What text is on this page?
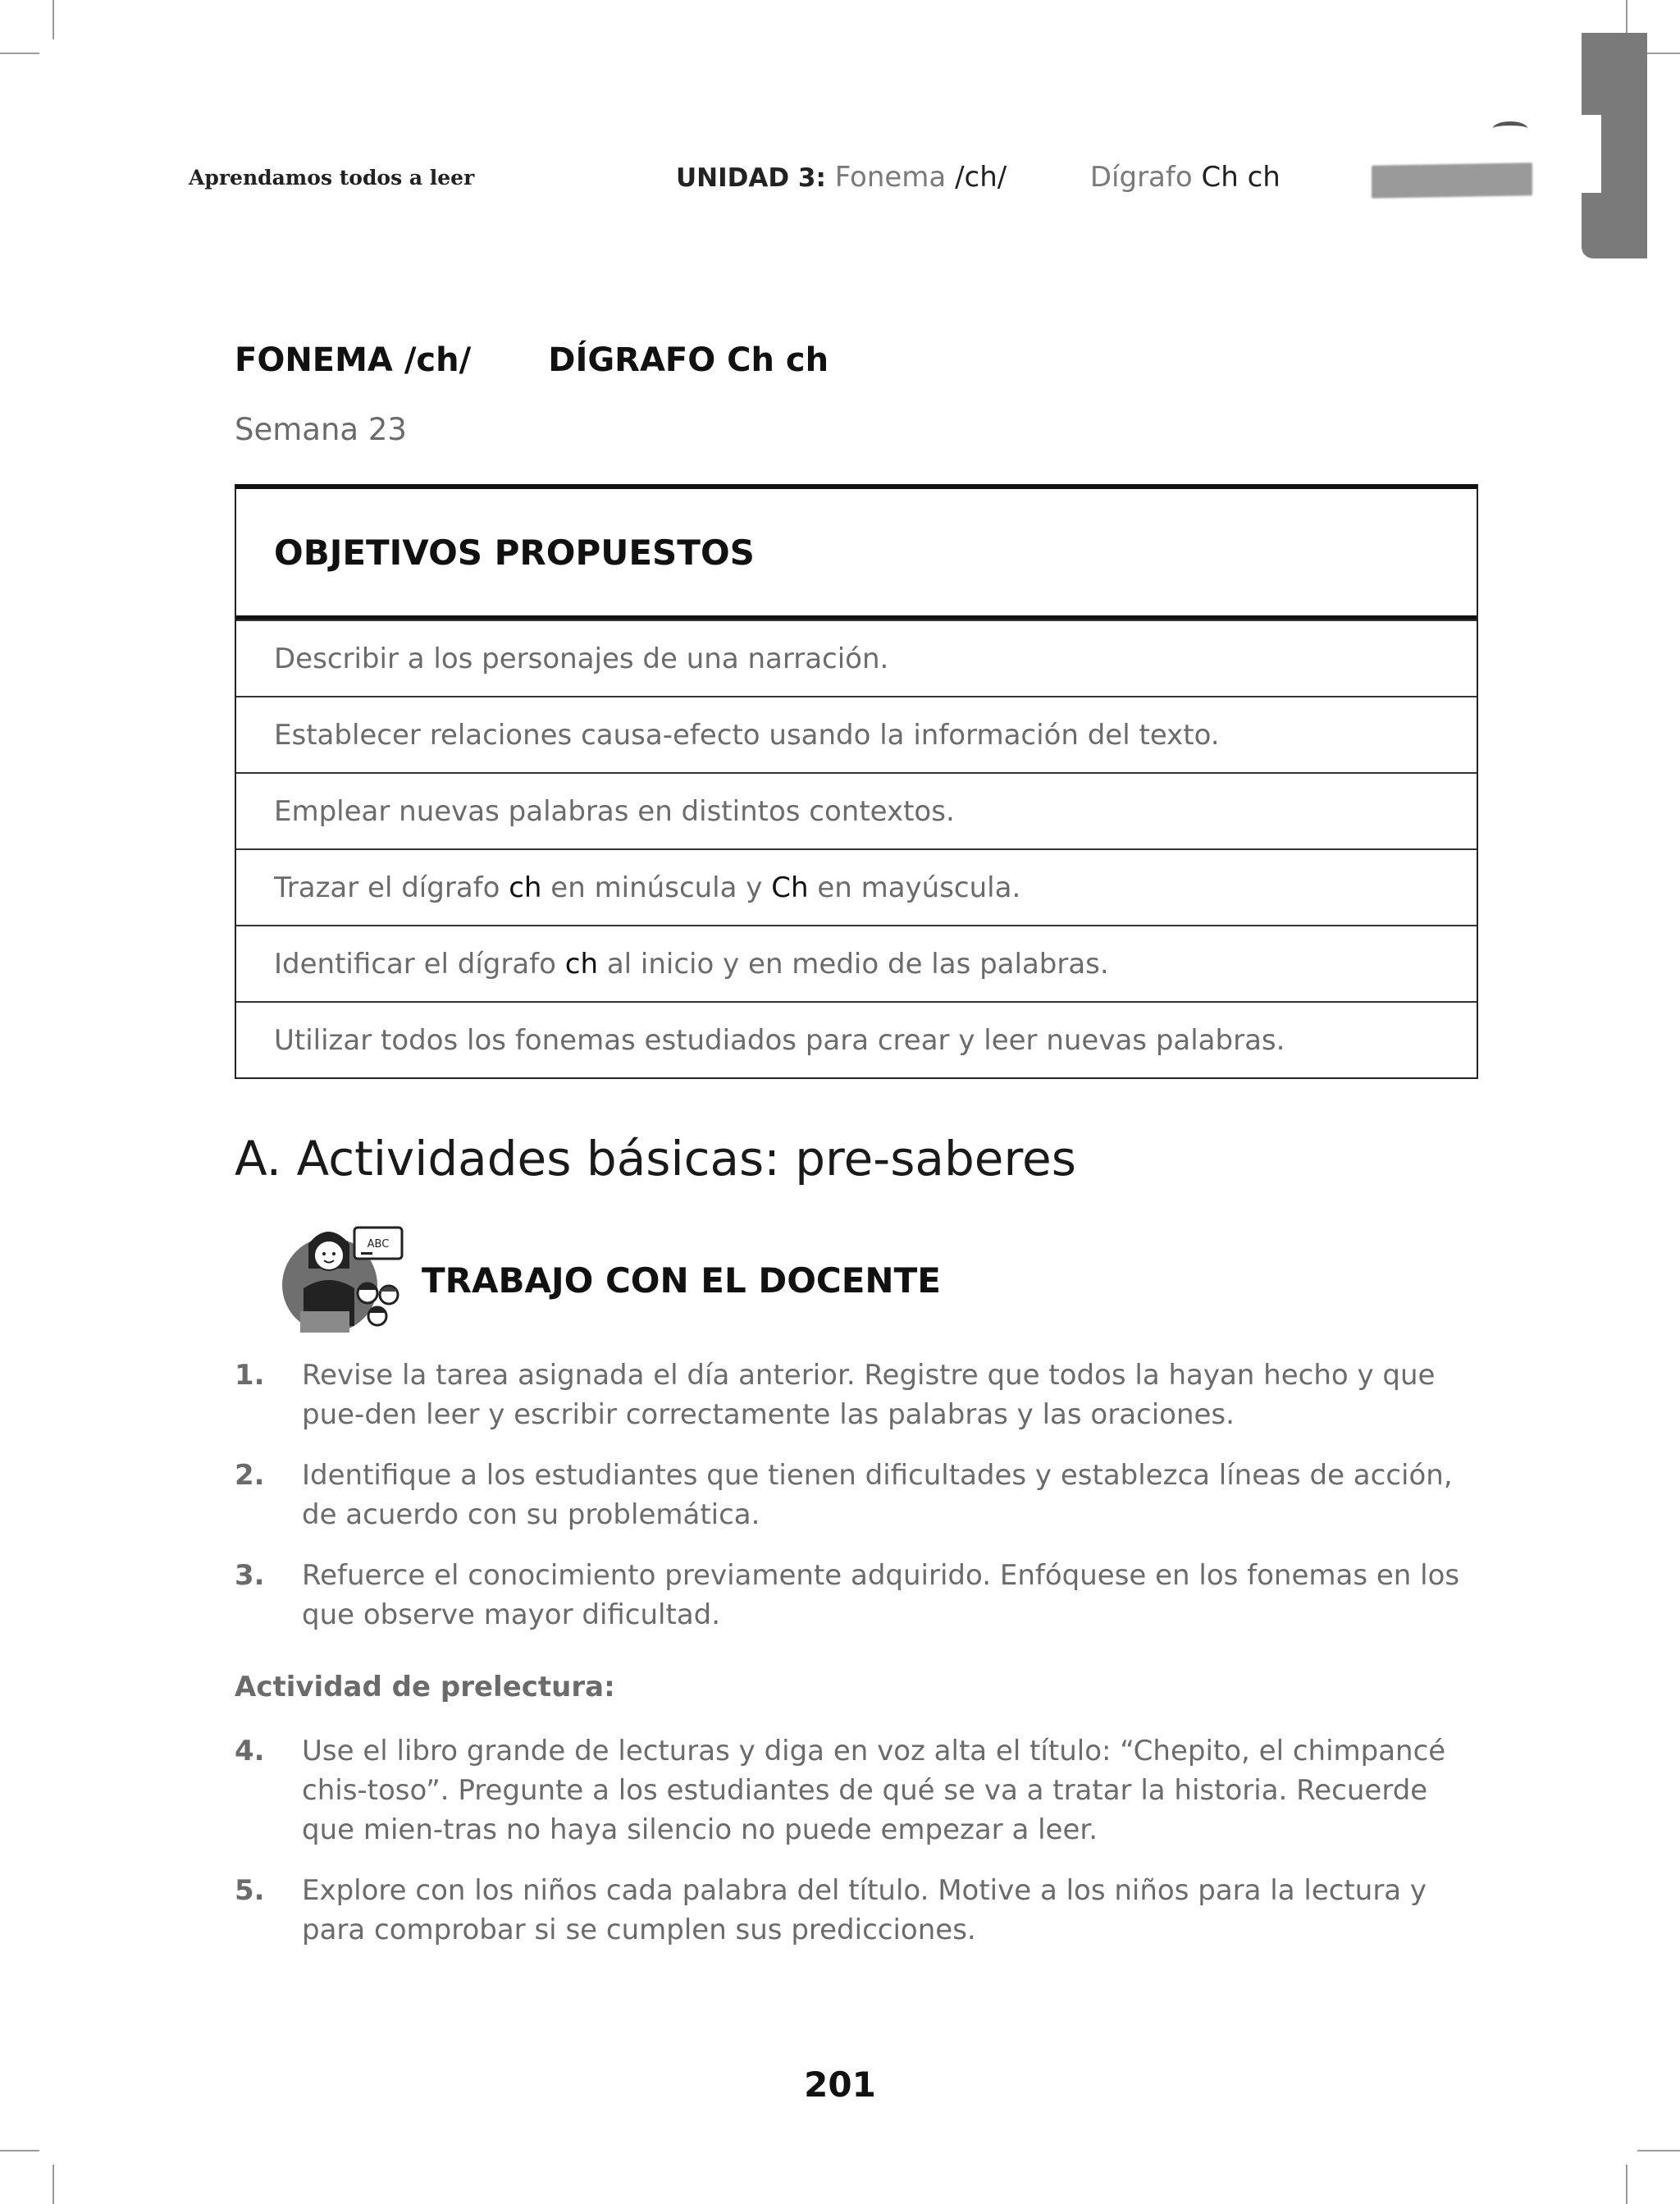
Aprendamos todos a leer	UNIDAD 3: Fonema /ch/	Dígrafo Ch ch
FONEMA /ch/ DÍGRAFO Ch ch
Semana 23
OBJETIVOS PROPUESTOS
Describir a los personajes de una narración.
Establecer relaciones causa-efecto usando la información del texto.
Emplear nuevas palabras en distintos contextos.
Trazar el dígrafo ch en minúscula y Ch en mayúscula.
Identificar el dígrafo ch al inicio y en medio de las palabras.
Utilizar todos los fonemas estudiados para crear y leer nuevas palabras.
A. Actividades básicas: pre-saberes
ABC
TRABAJO CON EL DOCENTE
1.	Revise la tarea asignada el día anterior. Registre que todos la hayan hecho y que pue-den leer y escribir correctamente las palabras y las oraciones.
2.	Identifique a los estudiantes que tienen dificultades y establezca líneas de acción, de acuerdo con su problemática.
3.	Refuerce el conocimiento previamente adquirido. Enfóquese en los fonemas en los que observe mayor dificultad.
Actividad de prelectura:
4.	Use el libro grande de lecturas y diga en voz alta el título: “Chepito, el chimpancé chis-toso”. Pregunte a los estudiantes de qué se va a tratar la historia. Recuerde que mien-tras no haya silencio no puede empezar a leer.
5.	Explore con los niños cada palabra del título. Motive a los niños para la lectura y para comprobar si se cumplen sus predicciones.
201
